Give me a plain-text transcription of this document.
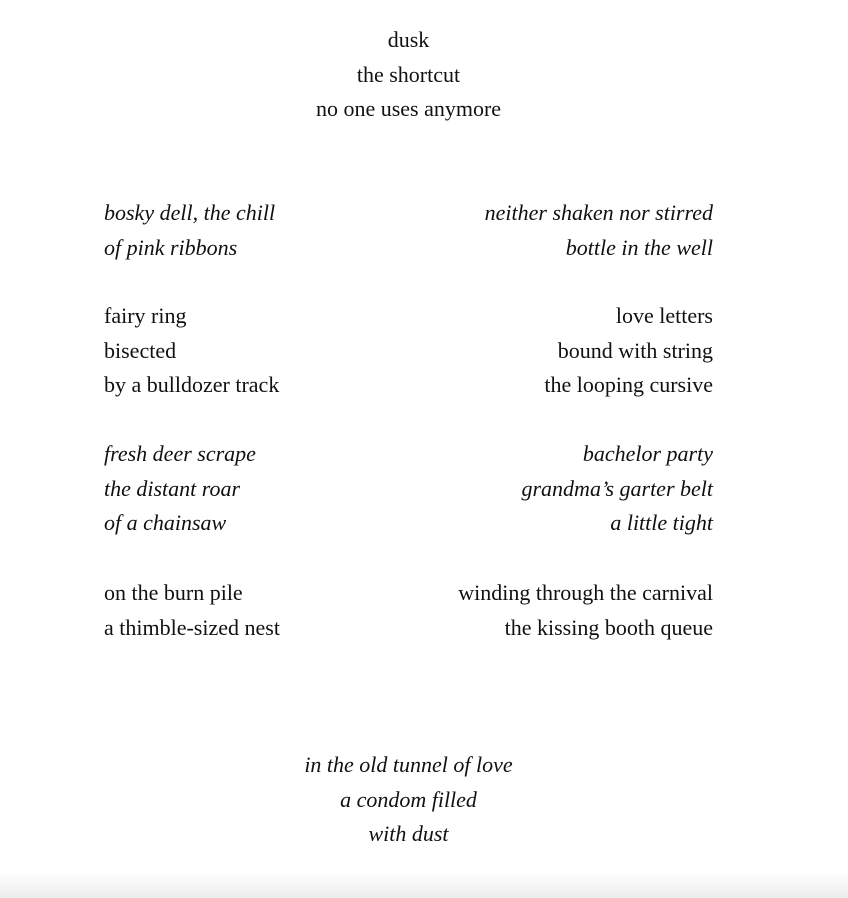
dusk
the shortcut
no one uses anymore
bosky dell, the chill
of pink ribbons
fairy ring
bisected
by a bulldozer track
fresh deer scrape
the distant roar
of a chainsaw
on the burn pile
a thimble-sized nest
neither shaken nor stirred
bottle in the well
love letters
bound with string
the looping cursive
bachelor party
grandma’s garter belt
a little tight
winding through the carnival
the kissing booth queue
in the old tunnel of love
a condom filled
with dust
